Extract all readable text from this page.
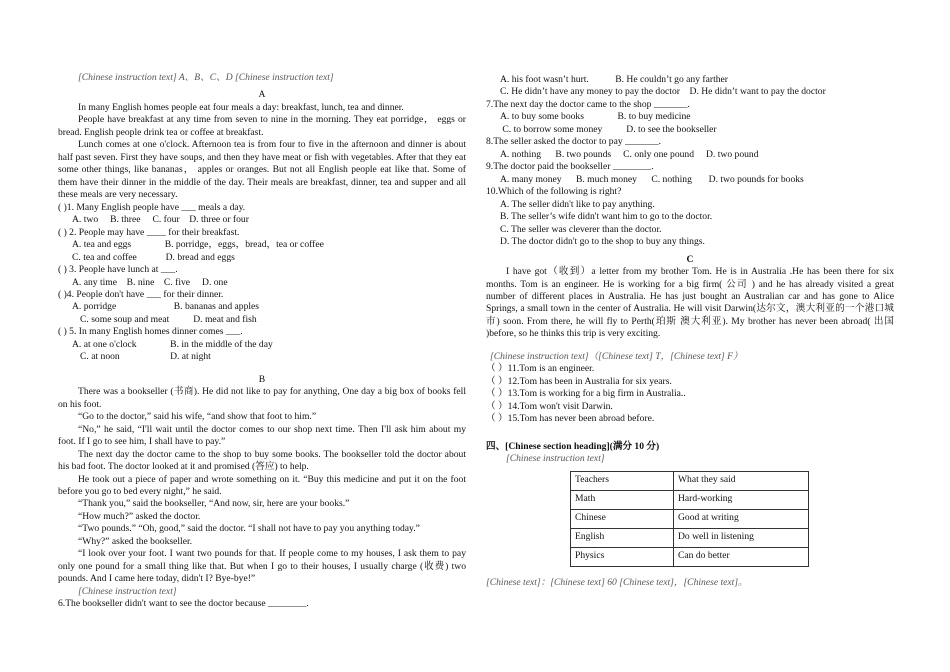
[Chinese instruction text] A、B、C、D [Chinese instruction text]

A

In many English homes people eat four meals a day: breakfast, lunch, tea and dinner.

People have breakfast at any time from seven to nine in the morning. They eat porridge， eggs or bread. English people drink tea or coffee at breakfast.

Lunch comes at one o'clock. Afternoon tea is from four to five in the afternoon and dinner is about half past seven. First they have soups, and then they have meat or fish with vegetables. After that they eat some other things, like bananas， apples or oranges. But not all English people eat like that. Some of them have their dinner in the middle of the day. Their meals are breakfast, dinner, tea and supper and all these meals are very necessary.

( )1. Many English people have ___ meals a day.

A. two     B. three     C. four    D. three or four

( ) 2. People may have ____ for their breakfast.

A. tea and eggs              B. porridge，eggs，bread，tea or coffee

C. tea and coffee            D. bread and eggs

( ) 3. People have lunch at ___.

A. any time    B. nine    C. five     D. one

( )4. People don't have ___ for their dinner.

A. porridge                        B. bananas and apples

C. some soup and meat          D. meat and fish

( ) 5. In many English homes dinner comes ___.

A. at one o'clock              B. in the middle of the day

C. at noon                     D. at night

B

There was a bookseller (书商). He did not like to pay for anything, One day a big box of books fell on his foot.

“Go to the doctor,” said his wife, “and show that foot to him.”

“No,” he said, “I'll wait until the doctor comes to our shop next time. Then I'll ask him about my foot. If I go to see him, I shall have to pay.”

The next day the doctor came to the shop to buy some books. The bookseller told the doctor about his bad foot. The doctor looked at it and promised (答应) to help.

He took out a piece of paper and wrote something on it. “Buy this medicine and put it on the foot before you go to bed every night,” he said.

“Thank you,” said the bookseller, “And now, sir, here are your books.”

“How much?” asked the doctor.

“Two pounds.” “Oh, good,” said the doctor. “I shall not have to pay you anything today.”

“Why?” asked the bookseller.

“I look over your foot. I want two pounds for that. If people come to my houses, I ask them to pay only one pound for a small thing like that. But when I go to their houses, I usually charge (收费) two pounds. And I came here today, didn't I? Bye-bye!”

[Chinese instruction text]

6.The bookseller didn't want to see the doctor because ________.

A. his foot wasn’t hurt.           B. He couldn’t go any farther

C. He didn’t have any money to pay the doctor    D. He didn’t want to pay the doctor

7.The next day the doctor came to the shop _______.

A. to buy some books              B. to buy medicine

C. to borrow some money          D. to see the bookseller

8.The seller asked the doctor to pay _______.

A. nothing      B. two pounds     C. only one pound     D. two pound

9.The doctor paid the bookseller ________.

A. many money      B. much money      C. nothing       D. two pounds for books

10.Which of the following is right?

A. The seller didn't like to pay anything.

B. The seller’s wife didn't want him to go to the doctor.

C. The seller was cleverer than the doctor.

D. The doctor didn't go to the shop to buy any things.

C

I have got（收到）a letter from my brother Tom. He is in Australia .He has been there for six months. Tom is an engineer. He is working for a big firm( 公司 ) and he has already visited a great number of different places in Australia. He has just bought an Australian car and has gone to Alice Springs, a small town in the center of Australia. He will visit Darwin(达尔文，澳大利亚的一个港口城市) soon. From there, he will fly to Perth(珀斯 澳大利亚). My brother has never been abroad( 出国 )before, so he thinks this trip is very exciting.

[Chinese instruction text]（[Chinese text] T，[Chinese text] F）

（ ）11.Tom is an engineer.

（ ）12.Tom has been in Australia for six years.

（ ）13.Tom is working for a big firm in Australia..

（ ）14.Tom won't visit Darwin.

（ ）15.Tom has never been abroad before.

四、[Chinese section heading](满分 10 分)

[Chinese instruction text]

Teachers	What they said
Math	Hard-working
Chinese	Good at writing
English	Do well in listening
Physics	Can do better

[Chinese text]：[Chinese text] 60 [Chinese text]，[Chinese text]。
